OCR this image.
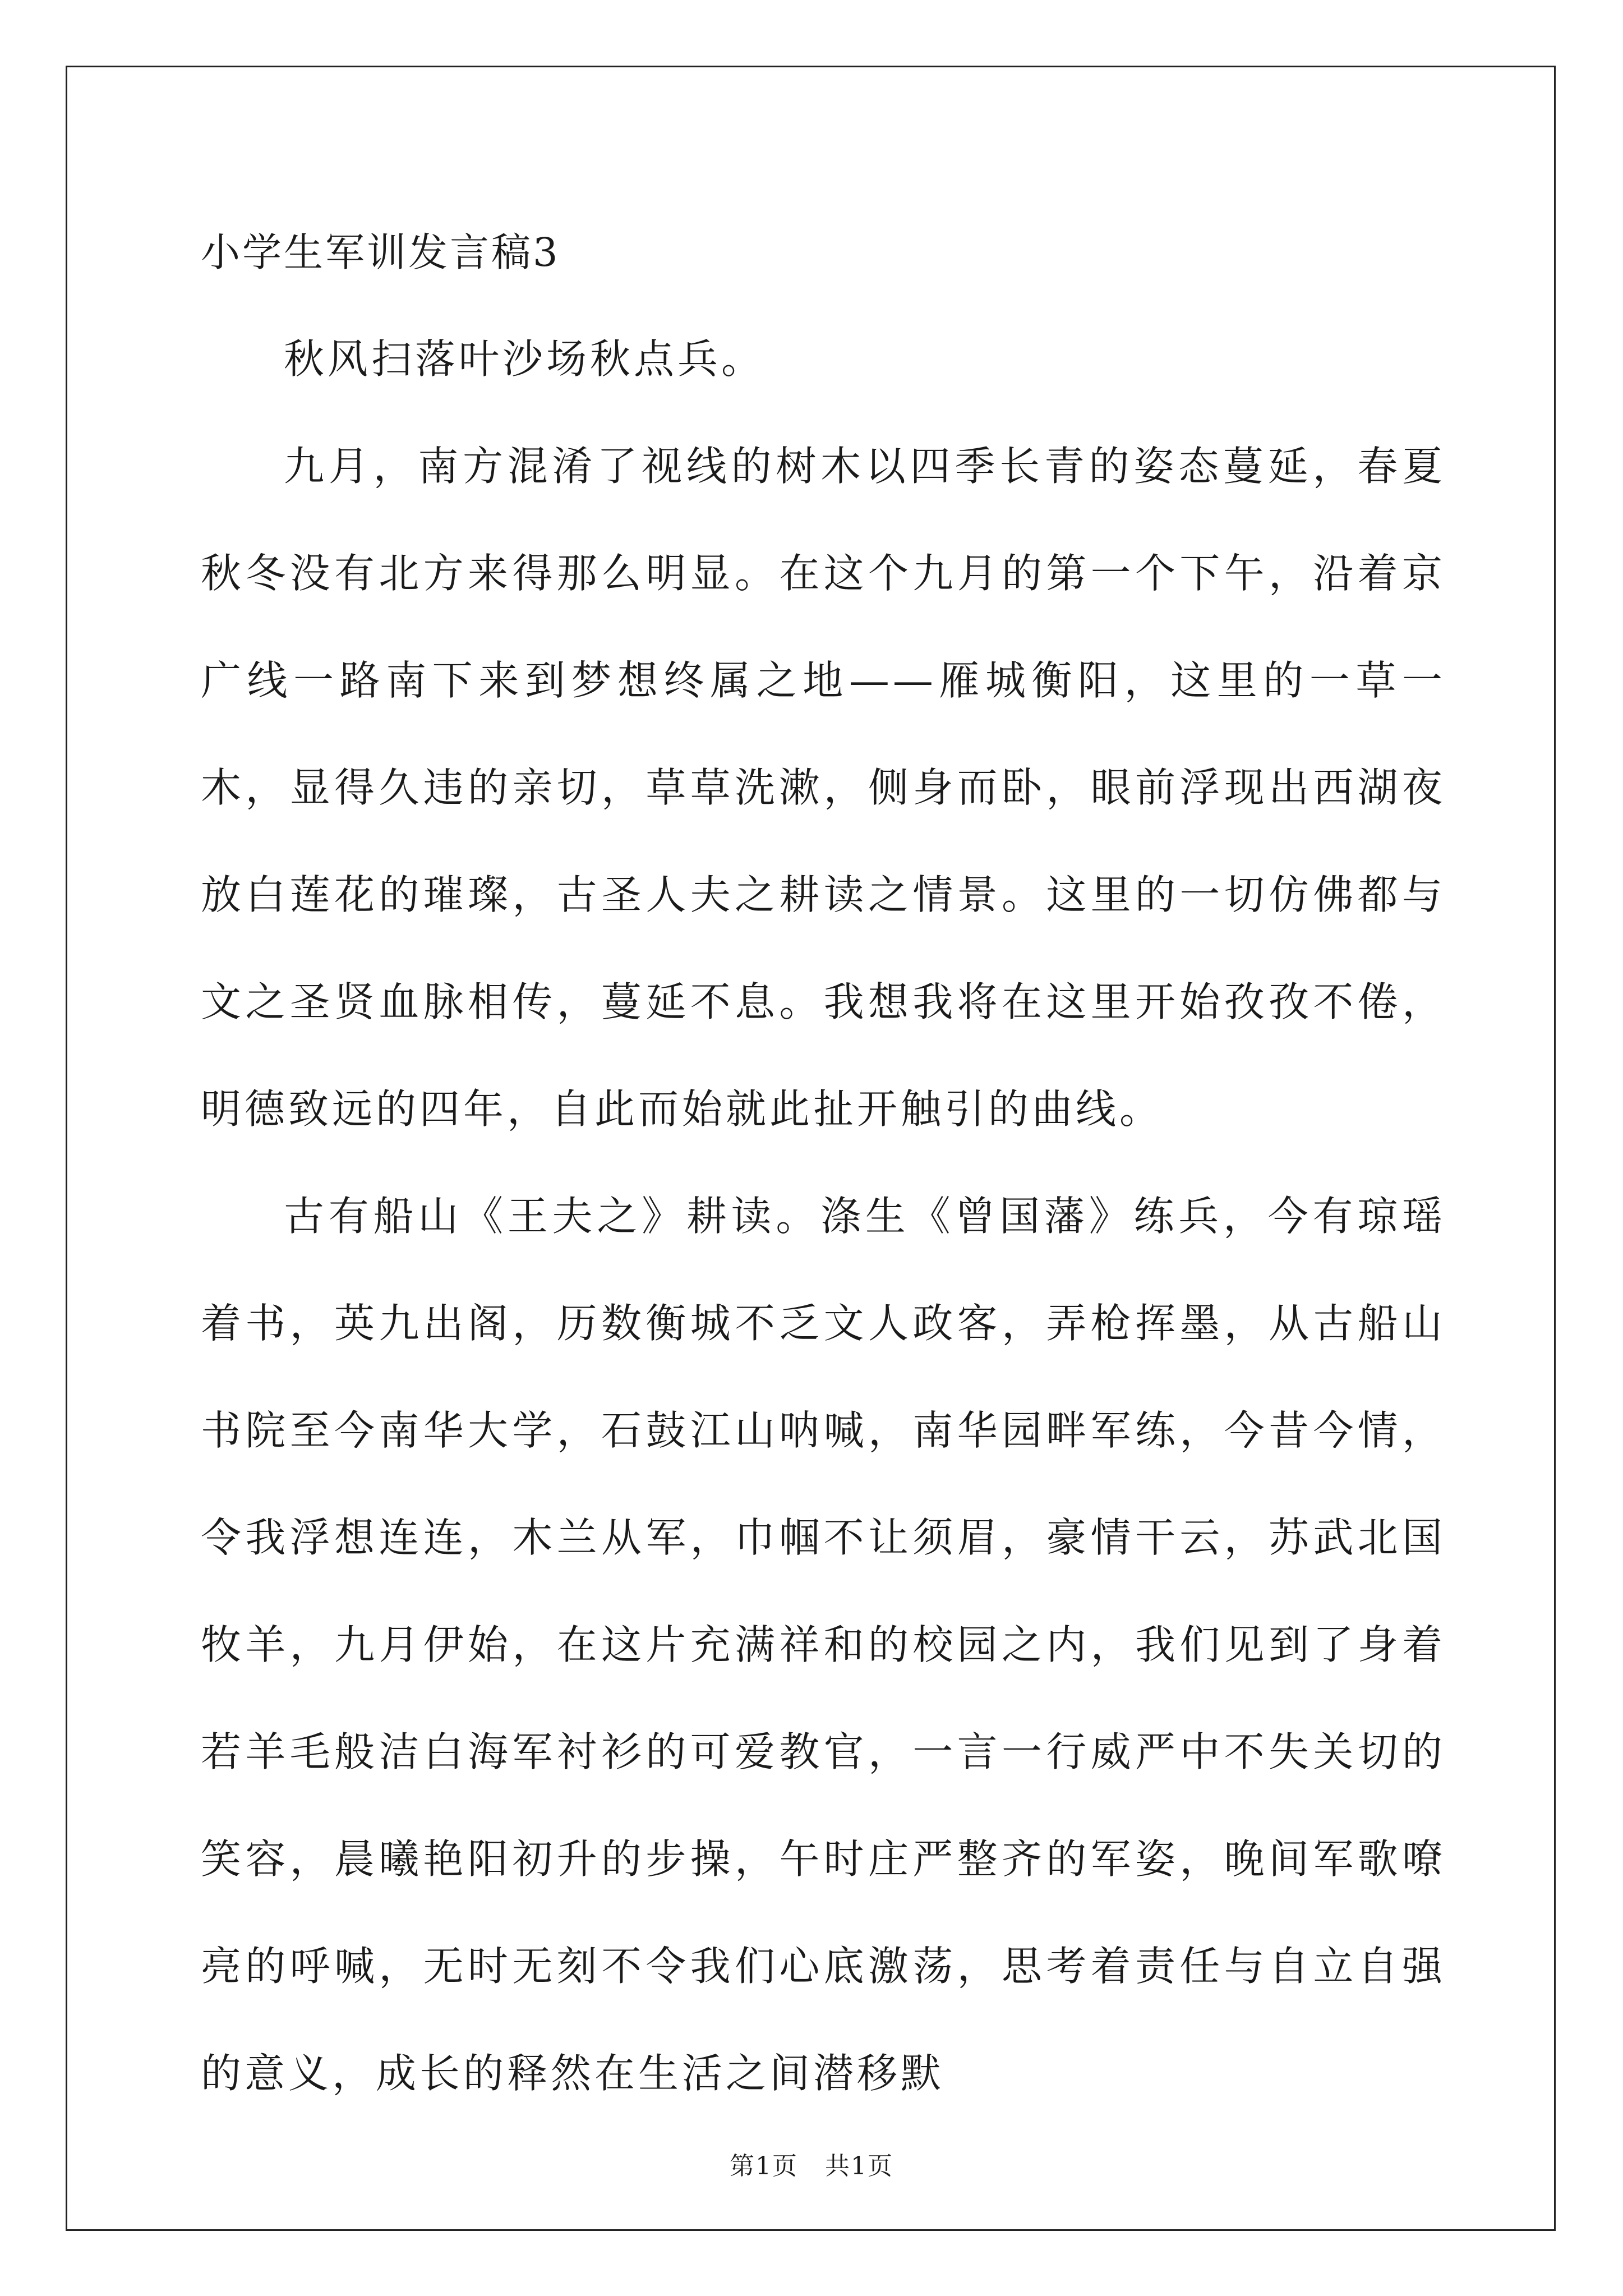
小学生军训发言稿3

秋风扫落叶沙场秋点兵。

九月，南方混淆了视线的树木以四季长青的姿态蔓延，春夏秋冬没有北方来得那么明显。在这个九月的第一个下午，沿着京广线一路南下来到梦想终属之地——雁城衡阳，这里的一草一木，显得久违的亲切，草草洗漱，侧身而卧，眼前浮现出西湖夜放白莲花的璀璨，古圣人夫之耕读之情景。这里的一切仿佛都与文之圣贤血脉相传，蔓延不息。我想我将在这里开始孜孜不倦，明德致远的四年，自此而始就此扯开触引的曲线。

古有船山《王夫之》耕读。涤生《曾国藩》练兵，今有琼瑶着书，英九出阁，历数衡城不乏文人政客，弄枪挥墨，从古船山书院至今南华大学，石鼓江山呐喊，南华园畔军练，今昔今情，令我浮想连连，木兰从军，巾帼不让须眉，豪情干云，苏武北国牧羊，九月伊始，在这片充满祥和的校园之内，我们见到了身着若羊毛般洁白海军衬衫的可爱教官，一言一行威严中不失关切的笑容，晨曦艳阳初升的步操，午时庄严整齐的军姿，晚间军歌嘹亮的呼喊，无时无刻不令我们心底激荡，思考着责任与自立自强的意义，成长的释然在生活之间潜移默

第1页   共1页
